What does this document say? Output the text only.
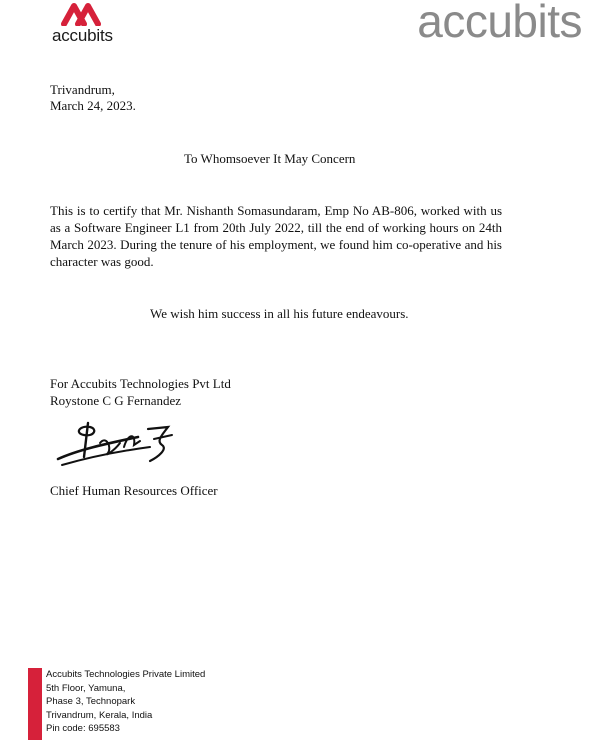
accubits	accubits
Trivandrum,
March 24, 2023.
To Whomsoever It May Concern
This is to certify that Mr. Nishanth Somasundaram, Emp No AB-806, worked with us as a Software Engineer L1 from 20th July 2022, till the end of working hours on 24th March 2023. During the tenure of his employment, we found him co-operative and his character was good.
We wish him success in all his future endeavours.
For Accubits Technologies Pvt Ltd
Roystone C G Fernandez
Chief Human Resources Officer
Accubits Technologies Private Limited
5th Floor, Yamuna,
Phase 3, Technopark
Trivandrum, Kerala, India
Pin code: 695583
